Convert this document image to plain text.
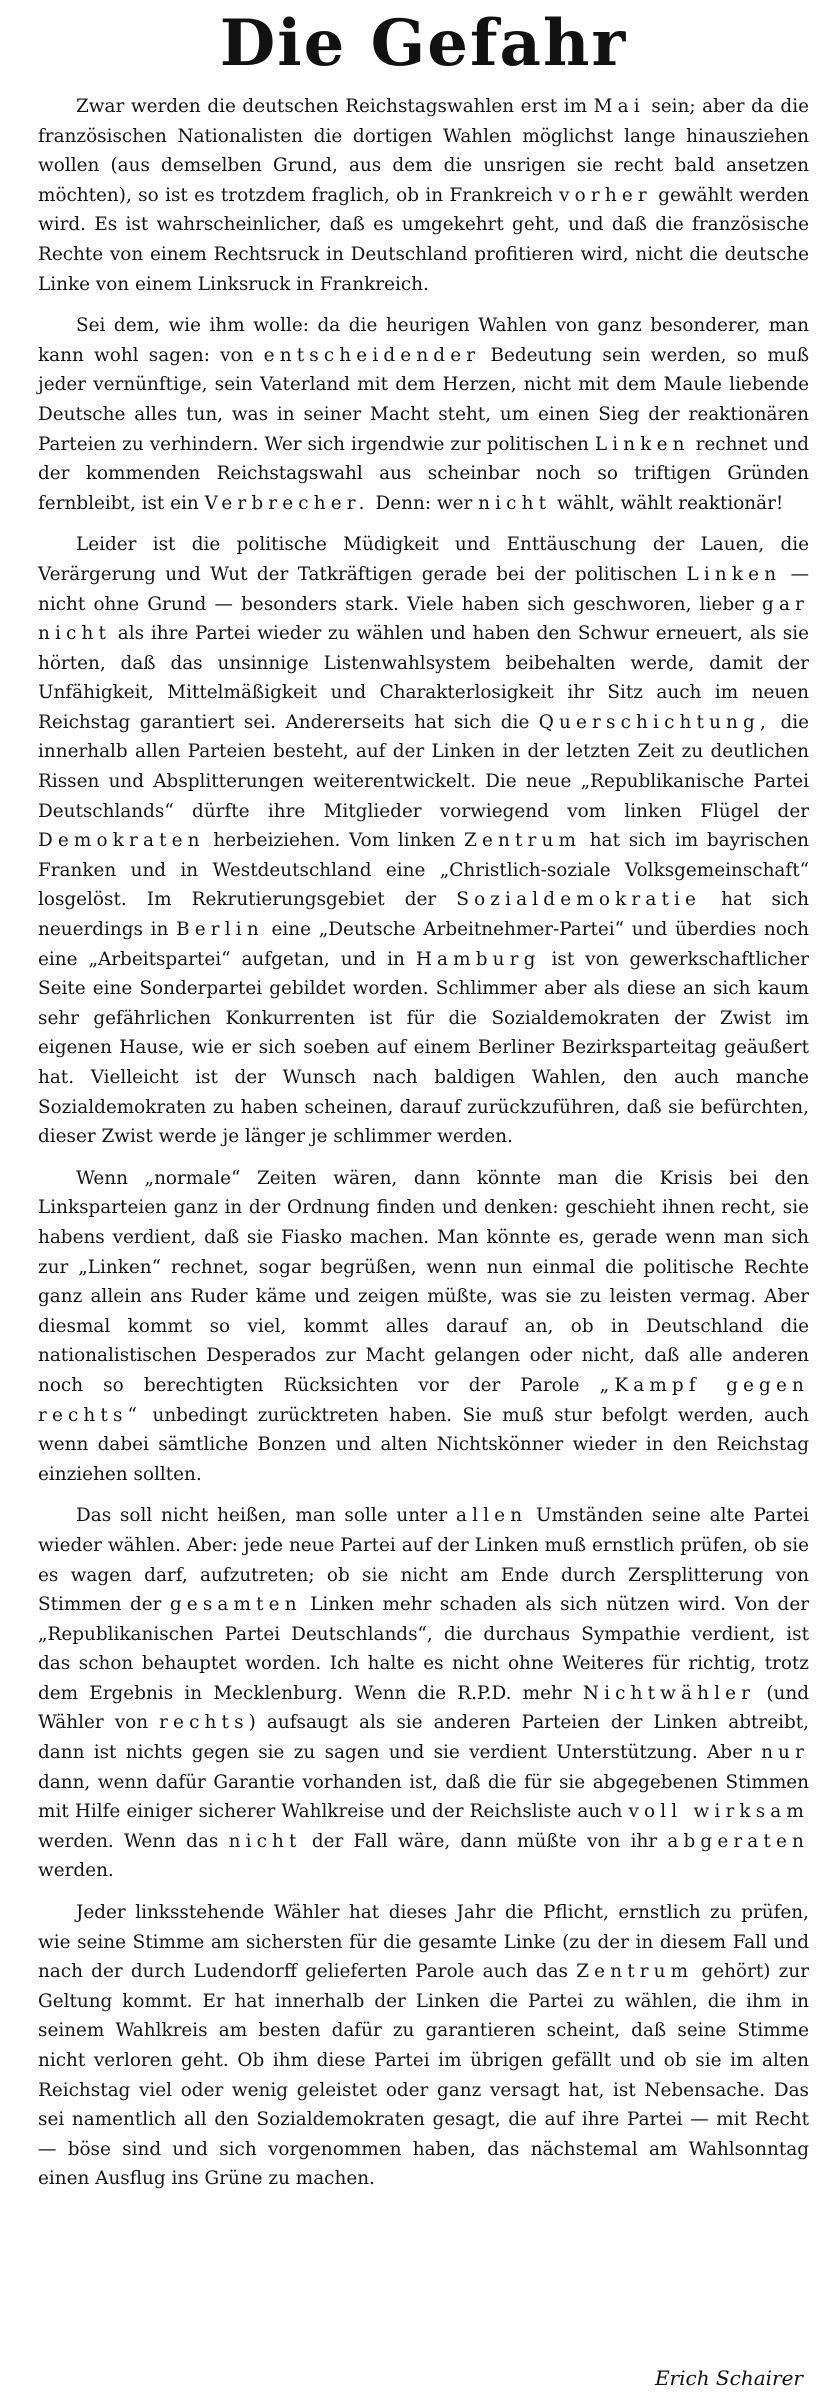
Die Gefahr

Zwar werden die deutschen Reichstagswahlen erst im Mai sein; aber da die französischen Nationalisten die dortigen Wahlen möglichst lange hinausziehen wollen (aus demselben Grund, aus dem die unsrigen sie recht bald ansetzen möchten), so ist es trotzdem fraglich, ob in Frankreich vorher gewählt werden wird. Es ist wahrscheinlicher, daß es umgekehrt geht, und daß die französische Rechte von einem Rechtsruck in Deutschland profitieren wird, nicht die deutsche Linke von einem Linksruck in Frankreich.

Sei dem, wie ihm wolle: da die heurigen Wahlen von ganz besonderer, man kann wohl sagen: von entscheidender Bedeutung sein werden, so muß jeder vernünftige, sein Vaterland mit dem Herzen, nicht mit dem Maule liebende Deutsche alles tun, was in seiner Macht steht, um einen Sieg der reaktionären Parteien zu verhindern. Wer sich irgendwie zur politischen Linken rechnet und der kommenden Reichstagswahl aus scheinbar noch so triftigen Gründen fernbleibt, ist ein Verbrecher. Denn: wer nicht wählt, wählt reaktionär!

Leider ist die politische Müdigkeit und Enttäuschung der Lauen, die Verärgerung und Wut der Tatkräftigen gerade bei der politischen Linken — nicht ohne Grund — besonders stark. Viele haben sich geschworen, lieber gar nicht als ihre Partei wieder zu wählen und haben den Schwur erneuert, als sie hörten, daß das unsinnige Listenwahlsystem beibehalten werde, damit der Unfähigkeit, Mittelmäßigkeit und Charakterlosigkeit ihr Sitz auch im neuen Reichstag garantiert sei. Andererseits hat sich die Querschichtung, die innerhalb allen Parteien besteht, auf der Linken in der letzten Zeit zu deutlichen Rissen und Absplitterungen weiterentwickelt. Die neue „Republikanische Partei Deutschlands“ dürfte ihre Mitglieder vorwiegend vom linken Flügel der Demokraten herbeiziehen. Vom linken Zentrum hat sich im bayrischen Franken und in Westdeutschland eine „Christlich-soziale Volksgemeinschaft“ losgelöst. Im Rekrutierungsgebiet der Sozialdemokratie hat sich neuerdings in Berlin eine „Deutsche Arbeitnehmer-Partei“ und überdies noch eine „Arbeitspartei“ aufgetan, und in Hamburg ist von gewerkschaftlicher Seite eine Sonderpartei gebildet worden. Schlimmer aber als diese an sich kaum sehr gefährlichen Konkurrenten ist für die Sozialdemokraten der Zwist im eigenen Hause, wie er sich soeben auf einem Berliner Bezirksparteitag geäußert hat. Vielleicht ist der Wunsch nach baldigen Wahlen, den auch manche Sozialdemokraten zu haben scheinen, darauf zurückzuführen, daß sie befürchten, dieser Zwist werde je länger je schlimmer werden.

Wenn „normale“ Zeiten wären, dann könnte man die Krisis bei den Linksparteien ganz in der Ordnung finden und denken: geschieht ihnen recht, sie habens verdient, daß sie Fiasko machen. Man könnte es, gerade wenn man sich zur „Linken“ rechnet, sogar begrüßen, wenn nun einmal die politische Rechte ganz allein ans Ruder käme und zeigen müßte, was sie zu leisten vermag. Aber diesmal kommt so viel, kommt alles darauf an, ob in Deutschland die nationalistischen Desperados zur Macht gelangen oder nicht, daß alle anderen noch so berechtigten Rücksichten vor der Parole „Kampf gegen rechts“ unbedingt zurücktreten haben. Sie muß stur befolgt werden, auch wenn dabei sämtliche Bonzen und alten Nichtskönner wieder in den Reichstag einziehen sollten.

Das soll nicht heißen, man solle unter allen Umständen seine alte Partei wieder wählen. Aber: jede neue Partei auf der Linken muß ernstlich prüfen, ob sie es wagen darf, aufzutreten; ob sie nicht am Ende durch Zersplitterung von Stimmen der gesamten Linken mehr schaden als sich nützen wird. Von der „Republikanischen Partei Deutschlands“, die durchaus Sympathie verdient, ist das schon behauptet worden. Ich halte es nicht ohne Weiteres für richtig, trotz dem Ergebnis in Mecklenburg. Wenn die R.P.D. mehr Nichtwähler (und Wähler von rechts) aufsaugt als sie anderen Parteien der Linken abtreibt, dann ist nichts gegen sie zu sagen und sie verdient Unterstützung. Aber nur dann, wenn dafür Garantie vorhanden ist, daß die für sie abgegebenen Stimmen mit Hilfe einiger sicherer Wahlkreise und der Reichsliste auch voll wirksam werden. Wenn das nicht der Fall wäre, dann müßte von ihr abgeraten werden.

Jeder linksstehende Wähler hat dieses Jahr die Pflicht, ernstlich zu prüfen, wie seine Stimme am sichersten für die gesamte Linke (zu der in diesem Fall und nach der durch Ludendorff gelieferten Parole auch das Zentrum gehört) zur Geltung kommt. Er hat innerhalb der Linken die Partei zu wählen, die ihm in seinem Wahlkreis am besten dafür zu garantieren scheint, daß seine Stimme nicht verloren geht. Ob ihm diese Partei im übrigen gefällt und ob sie im alten Reichstag viel oder wenig geleistet oder ganz versagt hat, ist Nebensache. Das sei namentlich all den Sozialdemokraten gesagt, die auf ihre Partei — mit Recht — böse sind und sich vorgenommen haben, das nächstemal am Wahlsonntag einen Ausflug ins Grüne zu machen.

Erich Schairer
